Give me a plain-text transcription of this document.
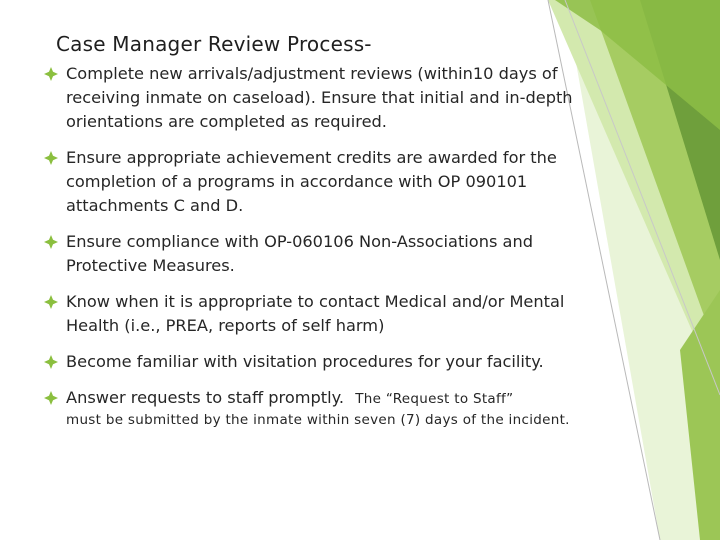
Case Manager Review Process-
Complete new arrivals/adjustment reviews (within10 days of receiving inmate on caseload). Ensure that initial and in-depth orientations are completed as required.
Ensure appropriate achievement credits are awarded for the completion of a programs in accordance with OP 090101 attachments C and D.
Ensure compliance with OP-060106 Non-Associations and Protective Measures.
Know when it is appropriate to contact Medical and/or Mental Health (i.e., PREA, reports of self harm)
Become familiar with visitation procedures for your facility.
Answer requests to staff promptly. The “Request to Staff”
must be submitted by the inmate within seven (7) days of the incident.
